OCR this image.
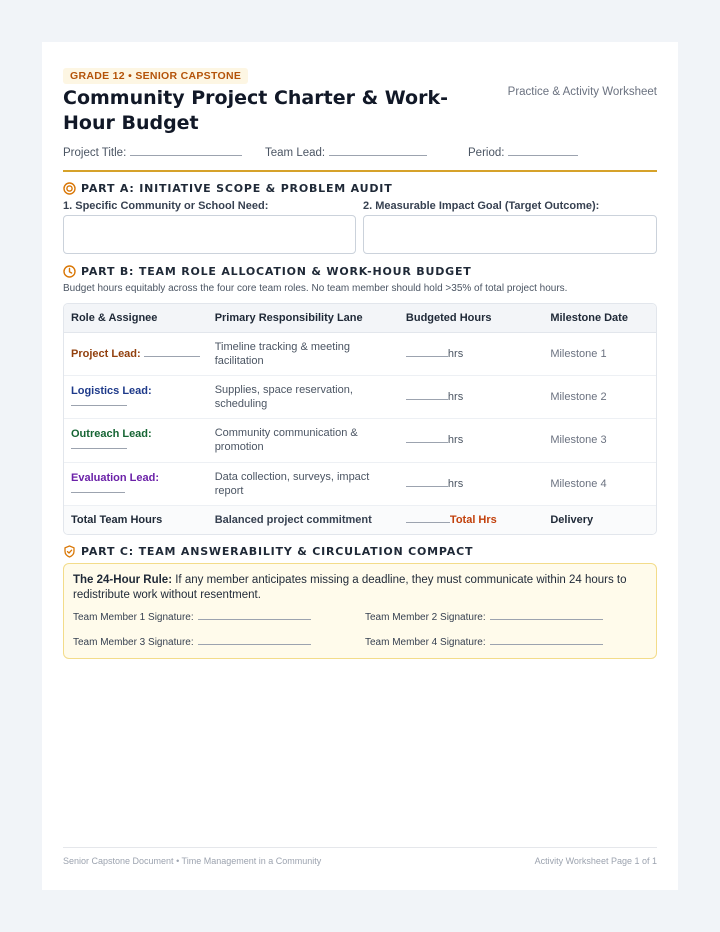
GRADE 12 • SENIOR CAPSTONE
Community Project Charter & Work-Hour Budget
Practice & Activity Worksheet
Project Title:	Team Lead:	Period:
PART A: INITIATIVE SCOPE & PROBLEM AUDIT
1. Specific Community or School Need:	2. Measurable Impact Goal (Target Outcome):
PART B: TEAM ROLE ALLOCATION & WORK-HOUR BUDGET
Budget hours equitably across the four core team roles. No team member should hold >35% of total project hours.
Role & Assignee	Primary Responsibility Lane	Budgeted Hours	Milestone Date
Project Lead:	Timeline tracking & meeting facilitation	hrs	Milestone 1
Logistics Lead:	Supplies, space reservation, scheduling	hrs	Milestone 2
Outreach Lead:	Community communication & promotion	hrs	Milestone 3
Evaluation Lead:	Data collection, surveys, impact report	hrs	Milestone 4
Total Team Hours	Balanced project commitment	Total Hrs	Delivery
PART C: TEAM ANSWERABILITY & CIRCULATION COMPACT
The 24-Hour Rule: If any member anticipates missing a deadline, they must communicate within 24 hours to redistribute work without resentment.
Team Member 1 Signature:	Team Member 2 Signature:
Team Member 3 Signature:	Team Member 4 Signature:
Senior Capstone Document • Time Management in a Community	Activity Worksheet Page 1 of 1
